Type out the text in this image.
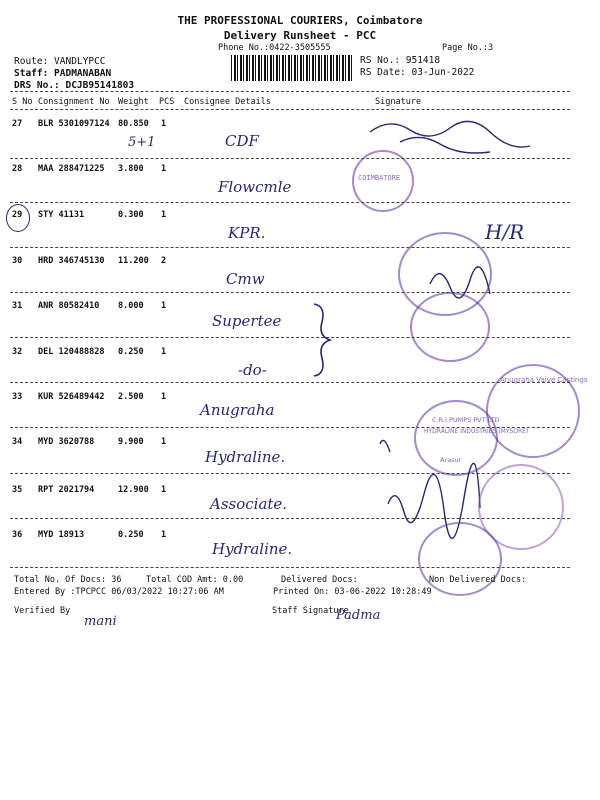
THE PROFESSIONAL COURIERS, Coimbatore
Delivery Runsheet - PCC
Phone No.:0422-3505555	Page No.:3
Route: VANDLYPCC
Staff: PADMANABAN
DRS No.: DCJB95141803
RS No.: 951418
RS Date: 03-Jun-2022
S No Consignment No Weight PCS Consignee Details	Signature
27 BLR 5301097124 80.850 1
5+1	CDF
28 MAA 288471225 3.800 1
Flowcmle
29 STY 41131	0.300 1
KPR.	H/R
30 HRD 346745130 11.200 2
Cmw
31 ANR 80582410 8.000 1
Supertee
32 DEL 120488828 0.250 1
-do-
33 KUR 526489442 2.500 1
Anugraha
34 MYD 3620788	9.900 1
Hydraline.
35 RPT 2021794	12.900 1
Associate.
36 MYD 18913	0.250 1
Hydraline.
COIMBATORE
Anugraha Valve Castings
C.R.I PUMPS PVT LTD
HYDRALINE INDUSTRIES (MYSORE)
Arasur
Total No. Of Docs: 36	Total COD Amt: 0.00	Delivered Docs:	Non Delivered Docs:
Entered By :TPCPCC 06/03/2022 10:27:06 AM	Printed On: 03-06-2022 10:28:49
Verified By	Staff Signature
mani	Padma
